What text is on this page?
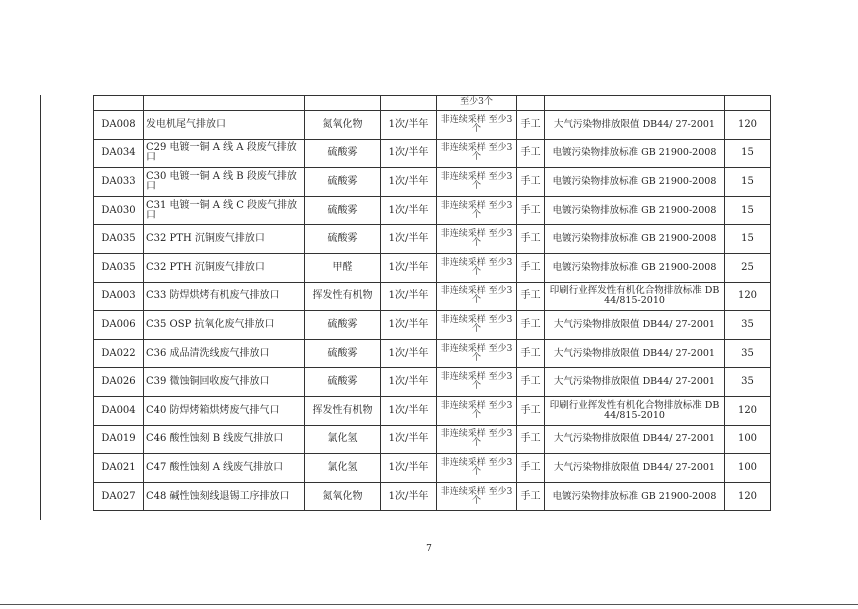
				至少3个			
DA008	发电机尾气排放口	氮氧化物	1次/半年	非连续采样 至少3个	手工	大气污染物排放限值 DB44/ 27-2001	120
DA034	C29 电镀一铜 A 线 A 段废气排放口	硫酸雾	1次/半年	非连续采样 至少3个	手工	电镀污染物排放标准 GB 21900-2008	15
DA033	C30 电镀一铜 A 线 B 段废气排放口	硫酸雾	1次/半年	非连续采样 至少3个	手工	电镀污染物排放标准 GB 21900-2008	15
DA030	C31 电镀一铜 A 线 C 段废气排放口	硫酸雾	1次/半年	非连续采样 至少3个	手工	电镀污染物排放标准 GB 21900-2008	15
DA035	C32 PTH 沉铜废气排放口	硫酸雾	1次/半年	非连续采样 至少3个	手工	电镀污染物排放标准 GB 21900-2008	15
DA035	C32 PTH 沉铜废气排放口	甲醛	1次/半年	非连续采样 至少3个	手工	电镀污染物排放标准 GB 21900-2008	25
DA003	C33 防焊烘烤有机废气排放口	挥发性有机物	1次/半年	非连续采样 至少3个	手工	印刷行业挥发性有机化合物排放标准 DB44/815-2010	120
DA006	C35 OSP 抗氧化废气排放口	硫酸雾	1次/半年	非连续采样 至少3个	手工	大气污染物排放限值 DB44/ 27-2001	35
DA022	C36 成品清洗线废气排放口	硫酸雾	1次/半年	非连续采样 至少3个	手工	大气污染物排放限值 DB44/ 27-2001	35
DA026	C39 微蚀铜回收废气排放口	硫酸雾	1次/半年	非连续采样 至少3个	手工	大气污染物排放限值 DB44/ 27-2001	35
DA004	C40 防焊烤箱烘烤废气排气口	挥发性有机物	1次/半年	非连续采样 至少3个	手工	印刷行业挥发性有机化合物排放标准 DB44/815-2010	120
DA019	C46 酸性蚀刻 B 线废气排放口	氯化氢	1次/半年	非连续采样 至少3个	手工	大气污染物排放限值 DB44/ 27-2001	100
DA021	C47 酸性蚀刻 A 线废气排放口	氯化氢	1次/半年	非连续采样 至少3个	手工	大气污染物排放限值 DB44/ 27-2001	100
DA027	C48 碱性蚀刻线退锡工序排放口	氮氧化物	1次/半年	非连续采样 至少3个	手工	电镀污染物排放标准 GB 21900-2008	120
7
